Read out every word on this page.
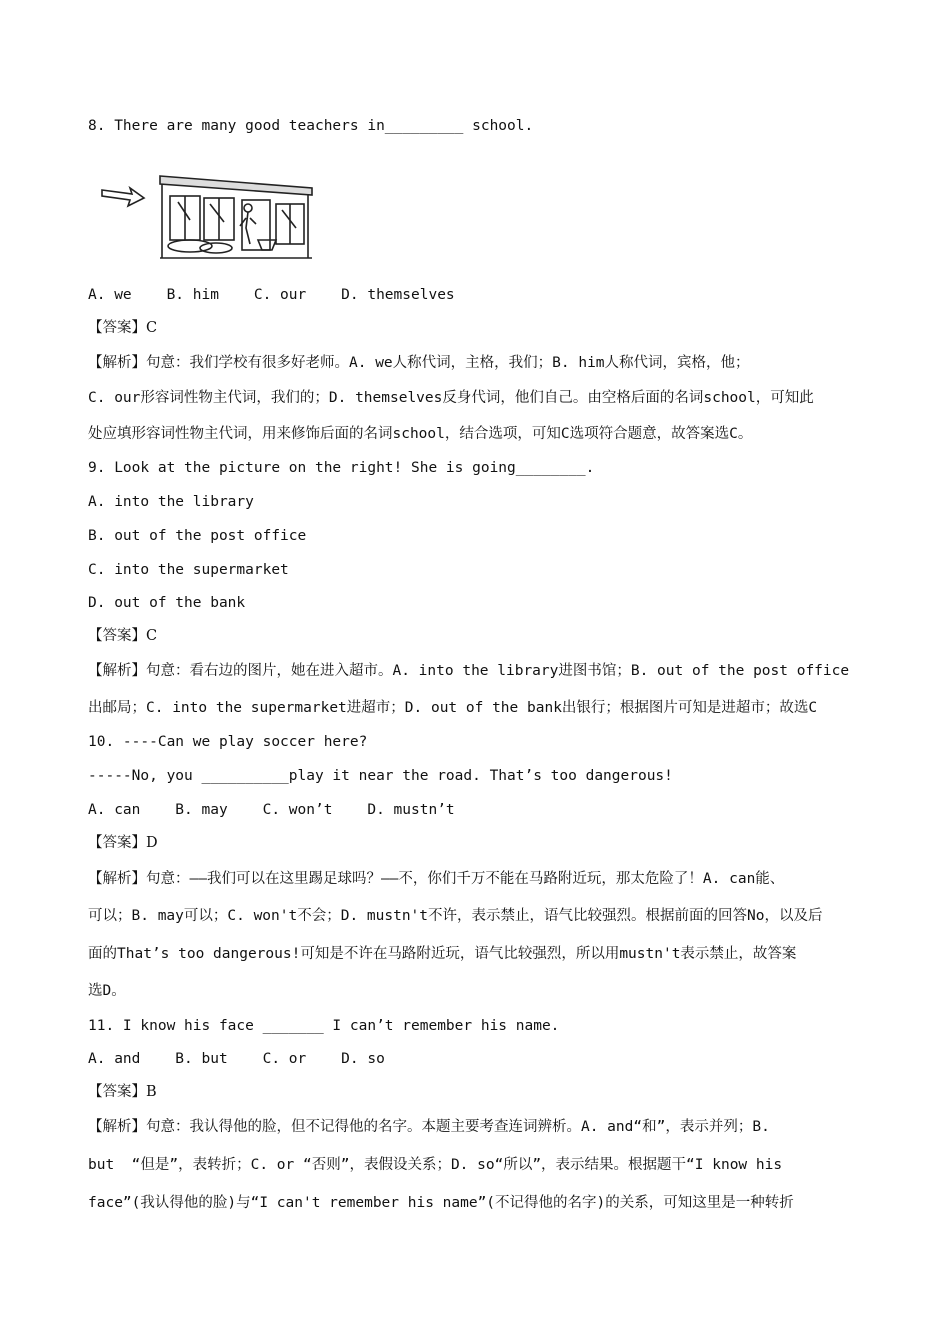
8. There are many good teachers in_________ school.
A. we    B. him    C. our    D. themselves
【答案】C
【解析】句意：我们学校有很多好老师。A. we人称代词，主格，我们；B. him人称代词，宾格，他；
C. our形容词性物主代词，我们的；D. themselves反身代词，他们自己。由空格后面的名词school，可知此
处应填形容词性物主代词，用来修饰后面的名词school，结合选项，可知C选项符合题意，故答案选C。
9. Look at the picture on the right! She is going________.
A. into the library
B. out of the post office
C. into the supermarket
D. out of the bank
【答案】C
【解析】句意：看右边的图片，她在进入超市。A. into the library进图书馆；B. out of the post office
出邮局；C. into the supermarket进超市；D. out of the bank出银行；根据图片可知是进超市；故选C
10. ----Can we play soccer here?
-----No, you __________play it near the road. That’s too dangerous!
A. can    B. may    C. won’t    D. mustn’t
【答案】D
【解析】句意：——我们可以在这里踢足球吗？——不，你们千万不能在马路附近玩，那太危险了！A. can能、
可以；B. may可以；C. won't不会；D. mustn't不许，表示禁止，语气比较强烈。根据前面的回答No，以及后
面的That’s too dangerous!可知是不许在马路附近玩，语气比较强烈，所以用mustn't表示禁止，故答案
选D。
11. I know his face _______ I can’t remember his name.
A. and    B. but    C. or    D. so
【答案】B
【解析】句意：我认得他的脸，但不记得他的名字。本题主要考查连词辨析。A. and“和”，表示并列；B.
but  “但是”，表转折；C. or “否则”，表假设关系；D. so“所以”，表示结果。根据题干“I know his
face”(我认得他的脸)与“I can't remember his name”(不记得他的名字)的关系，可知这里是一种转折
